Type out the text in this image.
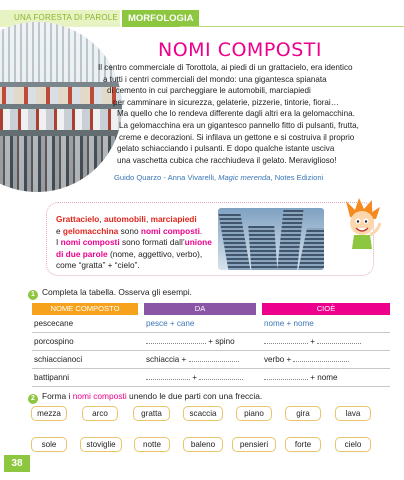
UNA FORESTA DI PAROLE	MORFOLOGIA
NOMI COMPOSTI
Il centro commerciale di Torottola, ai piedi di un grattacielo, era identico
a tutti i centri commerciali del mondo: una gigantesca spianata
di cemento in cui parcheggiare le automobili, marciapiedi
per camminare in sicurezza, gelaterie, pizzerie, tintorie, fiorai…
Ma quello che lo rendeva differente dagli altri era la gelomacchina.
La gelomacchina era un gigantesco pannello fitto di pulsanti, frutta,
creme e decorazioni. Si infilava un gettone e si costruiva il proprio
gelato schiacciando i pulsanti. E dopo qualche istante usciva
una vaschetta cubica che racchiudeva il gelato. Meraviglioso!
Guido Quarzo - Anna Vivarelli, Magic merenda, Notes Edizioni
Grattacielo, automobili, marciapiedi
e gelomacchina sono nomi composti.
I nomi composti sono formati dall’unione
di due parole (nome, aggettivo, verbo),
come “gratta” + “cielo”.
1 Completa la tabella. Osserva gli esempi.
NOME COMPOSTO	DA	CIOÈ
pescecane	pesce + cane	nome + nome
porcospino	+ spino	+
schiaccianoci	schiaccia +	verbo +
battipanni	+	+ nome
2 Forma i nomi composti unendo le due parti con una freccia.
mezza	arco	gratta	scaccia	piano	gira	lava
sole	stoviglie	notte	baleno	pensieri	forte	cielo
38
